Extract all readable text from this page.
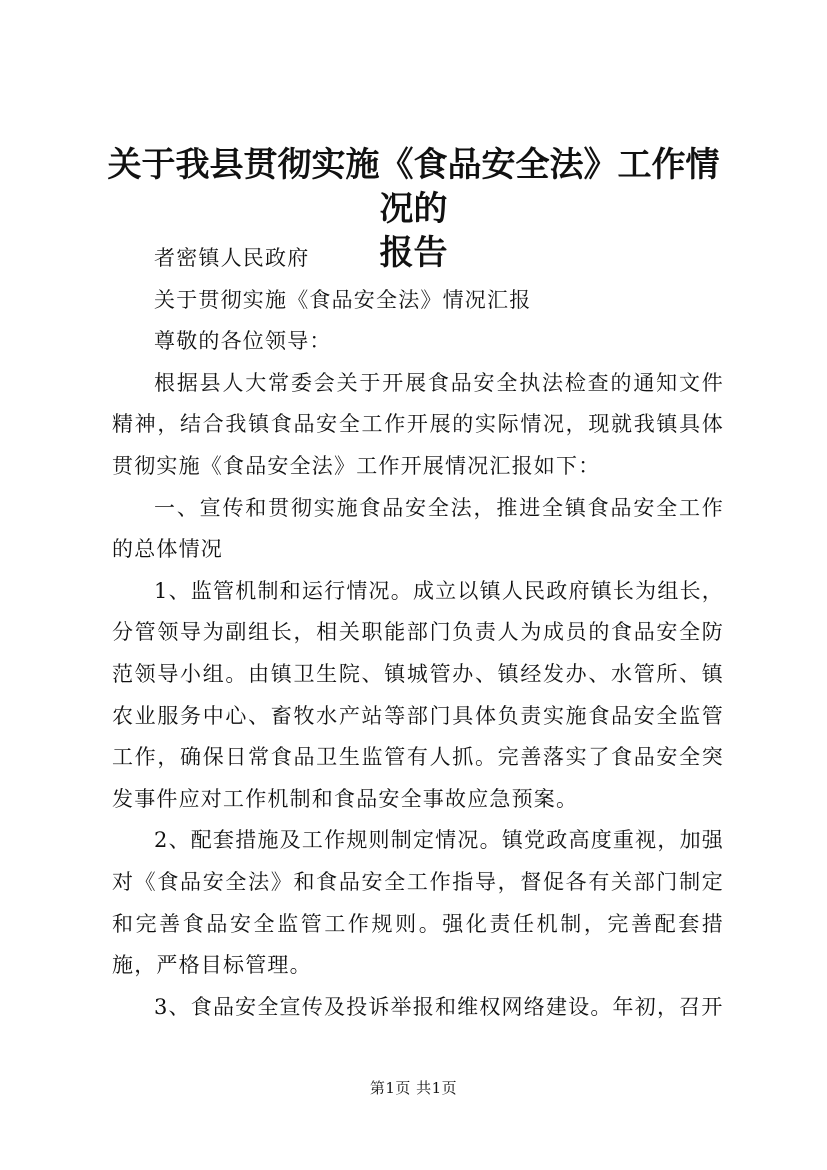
关于我县贯彻实施《食品安全法》工作情况的
报告

者密镇人民政府

关于贯彻实施《食品安全法》情况汇报

尊敬的各位领导：

根据县人大常委会关于开展食品安全执法检查的通知文件精神，结合我镇食品安全工作开展的实际情况，现就我镇具体贯彻实施《食品安全法》工作开展情况汇报如下：

一、宣传和贯彻实施食品安全法，推进全镇食品安全工作的总体情况

1、监管机制和运行情况。成立以镇人民政府镇长为组长，分管领导为副组长，相关职能部门负责人为成员的食品安全防范领导小组。由镇卫生院、镇城管办、镇经发办、水管所、镇农业服务中心、畜牧水产站等部门具体负责实施食品安全监管工作，确保日常食品卫生监管有人抓。完善落实了食品安全突发事件应对工作机制和食品安全事故应急预案。

2、配套措施及工作规则制定情况。镇党政高度重视，加强对《食品安全法》和食品安全工作指导，督促各有关部门制定和完善食品安全监管工作规则。强化责任机制，完善配套措施，严格目标管理。

3、食品安全宣传及投诉举报和维权网络建设。年初，召开

第1页 共1页
